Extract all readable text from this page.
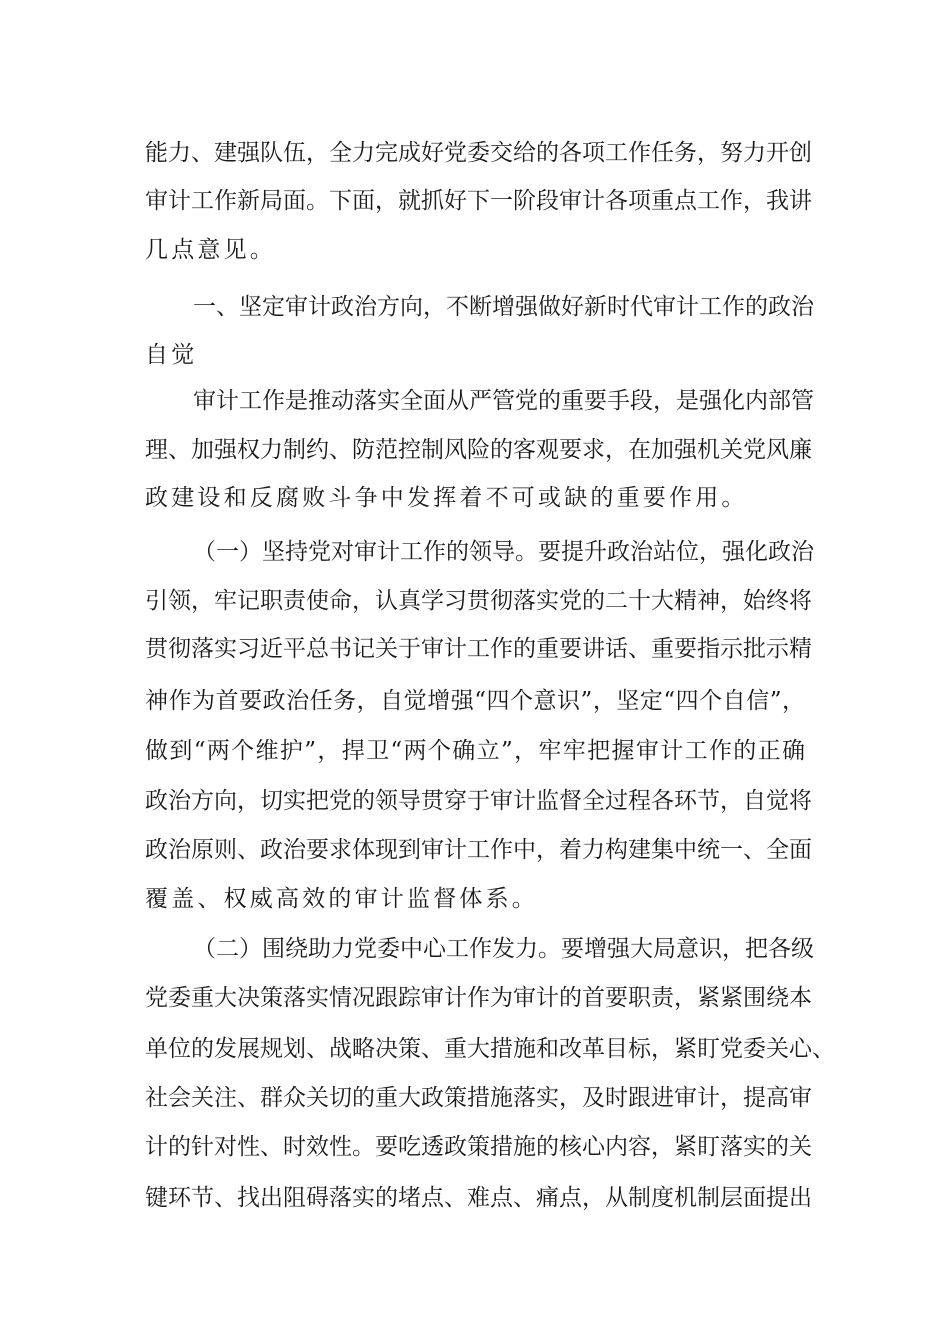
能力、建强队伍，全力完成好党委交给的各项工作任务，努力开创
审计工作新局面。下面，就抓好下一阶段审计各项重点工作，我讲
几点意见。
一、坚定审计政治方向，不断增强做好新时代审计工作的政治
自觉
审计工作是推动落实全面从严管党的重要手段，是强化内部管
理、加强权力制约、防范控制风险的客观要求，在加强机关党风廉
政建设和反腐败斗争中发挥着不可或缺的重要作用。
（一）坚持党对审计工作的领导。要提升政治站位，强化政治
引领，牢记职责使命，认真学习贯彻落实党的二十大精神，始终将
贯彻落实习近平总书记关于审计工作的重要讲话、重要指示批示精
神作为首要政治任务，自觉增强“四个意识”，坚定“四个自信”，
做到“两个维护”，捍卫“两个确立”，牢牢把握审计工作的正确
政治方向，切实把党的领导贯穿于审计监督全过程各环节，自觉将
政治原则、政治要求体现到审计工作中，着力构建集中统一、全面
覆盖、权威高效的审计监督体系。
（二）围绕助力党委中心工作发力。要增强大局意识，把各级
党委重大决策落实情况跟踪审计作为审计的首要职责，紧紧围绕本
单位的发展规划、战略决策、重大措施和改革目标，紧盯党委关心、
社会关注、群众关切的重大政策措施落实，及时跟进审计，提高审
计的针对性、时效性。要吃透政策措施的核心内容，紧盯落实的关
键环节、找出阻碍落实的堵点、难点、痛点，从制度机制层面提出
